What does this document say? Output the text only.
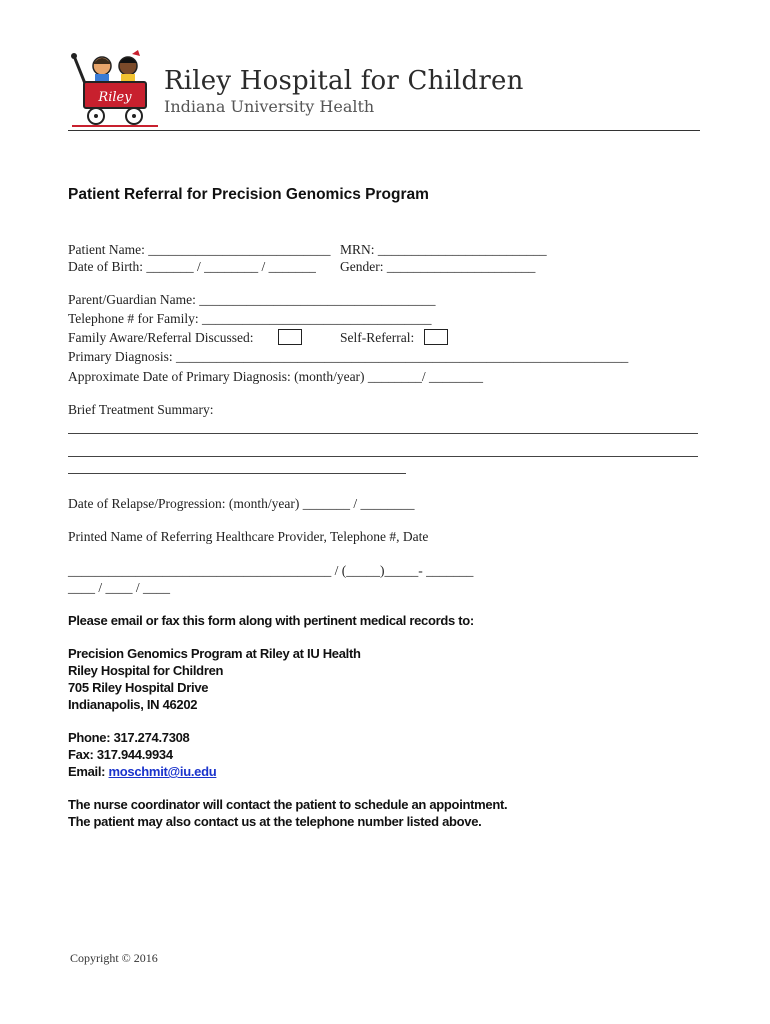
Riley
Riley Hospital for Children
Indiana University Health
Patient Referral for Precision Genomics Program
Patient Name: ___________________________ MRN: _________________________
Date of Birth: _______ / ________ / _______ Gender: ______________________
Parent/Guardian Name: ___________________________________
Telephone # for Family: __________________________________
Family Aware/Referral Discussed:	Self-Referral:
Primary Diagnosis: ___________________________________________________________________
Approximate Date of Primary Diagnosis: (month/year) ________/ ________
Brief Treatment Summary:
Date of Relapse/Progression: (month/year) _______ / ________
Printed Name of Referring Healthcare Provider, Telephone #, Date
_______________________________________ / (_____)_____- _______
____ / ____ / ____
Please email or fax this form along with pertinent medical records to:
Precision Genomics Program at Riley at IU Health
Riley Hospital for Children
705 Riley Hospital Drive
Indianapolis, IN 46202
Phone: 317.274.7308
Fax: 317.944.9934
Email: moschmit@iu.edu
The nurse coordinator will contact the patient to schedule an appointment.
The patient may also contact us at the telephone number listed above.
Copyright © 2016
